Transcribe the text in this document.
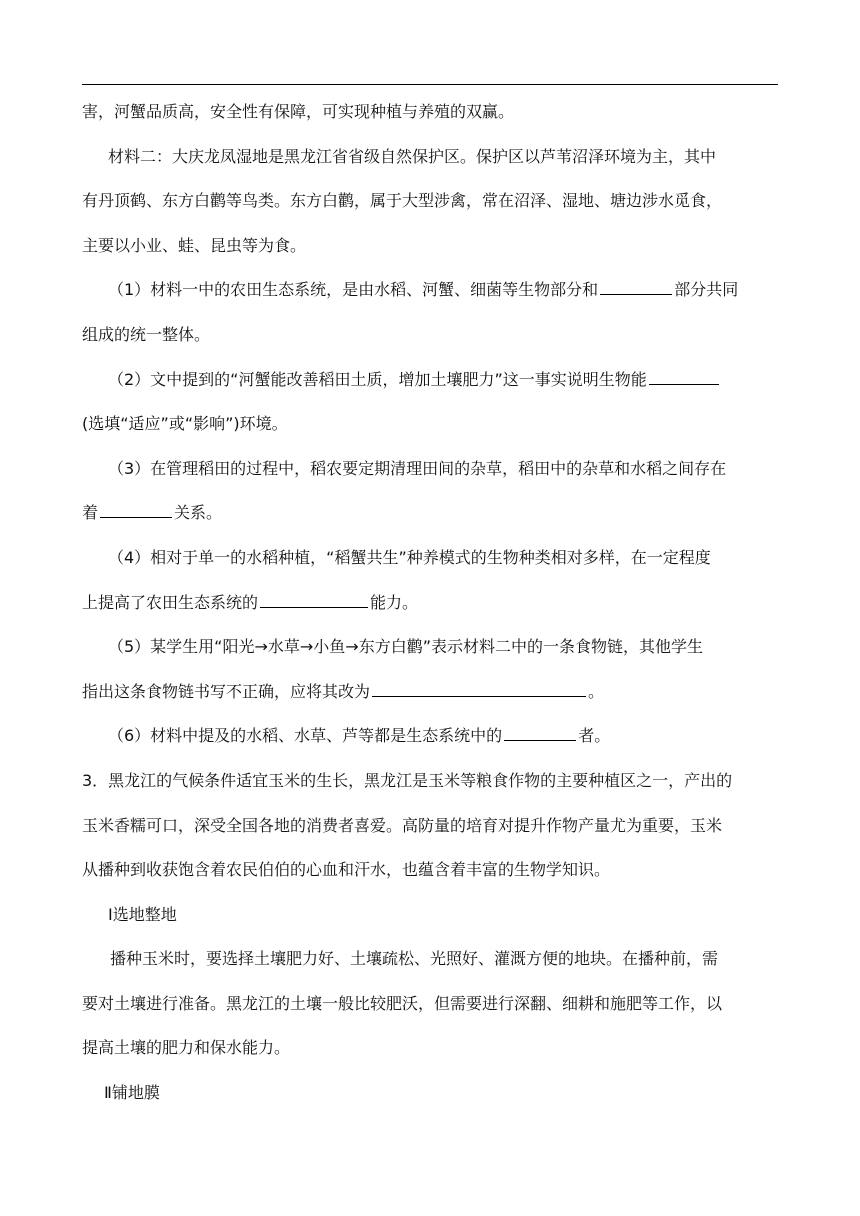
害，河蟹品质高，安全性有保障，可实现种植与养殖的双赢。
材料二：大庆龙凤湿地是黑龙江省省级自然保护区。保护区以芦苇沼泽环境为主，其中
有丹顶鹤、东方白鹳等鸟类。东方白鹳，属于大型涉禽，常在沼泽、湿地、塘边涉水觅食，
主要以小业、蛙、昆虫等为食。
（1）材料一中的农田生态系统，是由水稻、河蟹、细菌等生物部分和	部分共同
组成的统一整体。
（2）文中提到的“河蟹能改善稻田土质，增加土壤肥力”这一事实说明生物能
(选填“适应”或“影响”)环境。
（3）在管理稻田的过程中，稻农要定期清理田间的杂草，稻田中的杂草和水稻之间存在
着	关系。
（4）相对于单一的水稻种植，“稻蟹共生”种养模式的生物种类相对多样，在一定程度
上提高了农田生态系统的	能力。
（5）某学生用“阳光→水草→小鱼→东方白鹳”表示材料二中的一条食物链，其他学生
指出这条食物链书写不正确，应将其改为	。
（6）材料中提及的水稻、水草、芦等都是生态系统中的	者。
3．黑龙江的气候条件适宜玉米的生长，黑龙江是玉米等粮食作物的主要种植区之一，产出的
玉米香糯可口，深受全国各地的消费者喜爱。高防量的培育对提升作物产量尤为重要，玉米
从播种到收获饱含着农民伯伯的心血和汗水，也蕴含着丰富的生物学知识。
Ⅰ选地整地
播种玉米时，要选择土壤肥力好、土壤疏松、光照好、灌溉方便的地块。在播种前，需
要对土壤进行准备。黑龙江的土壤一般比较肥沃，但需要进行深翻、细耕和施肥等工作，以
提高土壤的肥力和保水能力。
Ⅱ铺地膜
